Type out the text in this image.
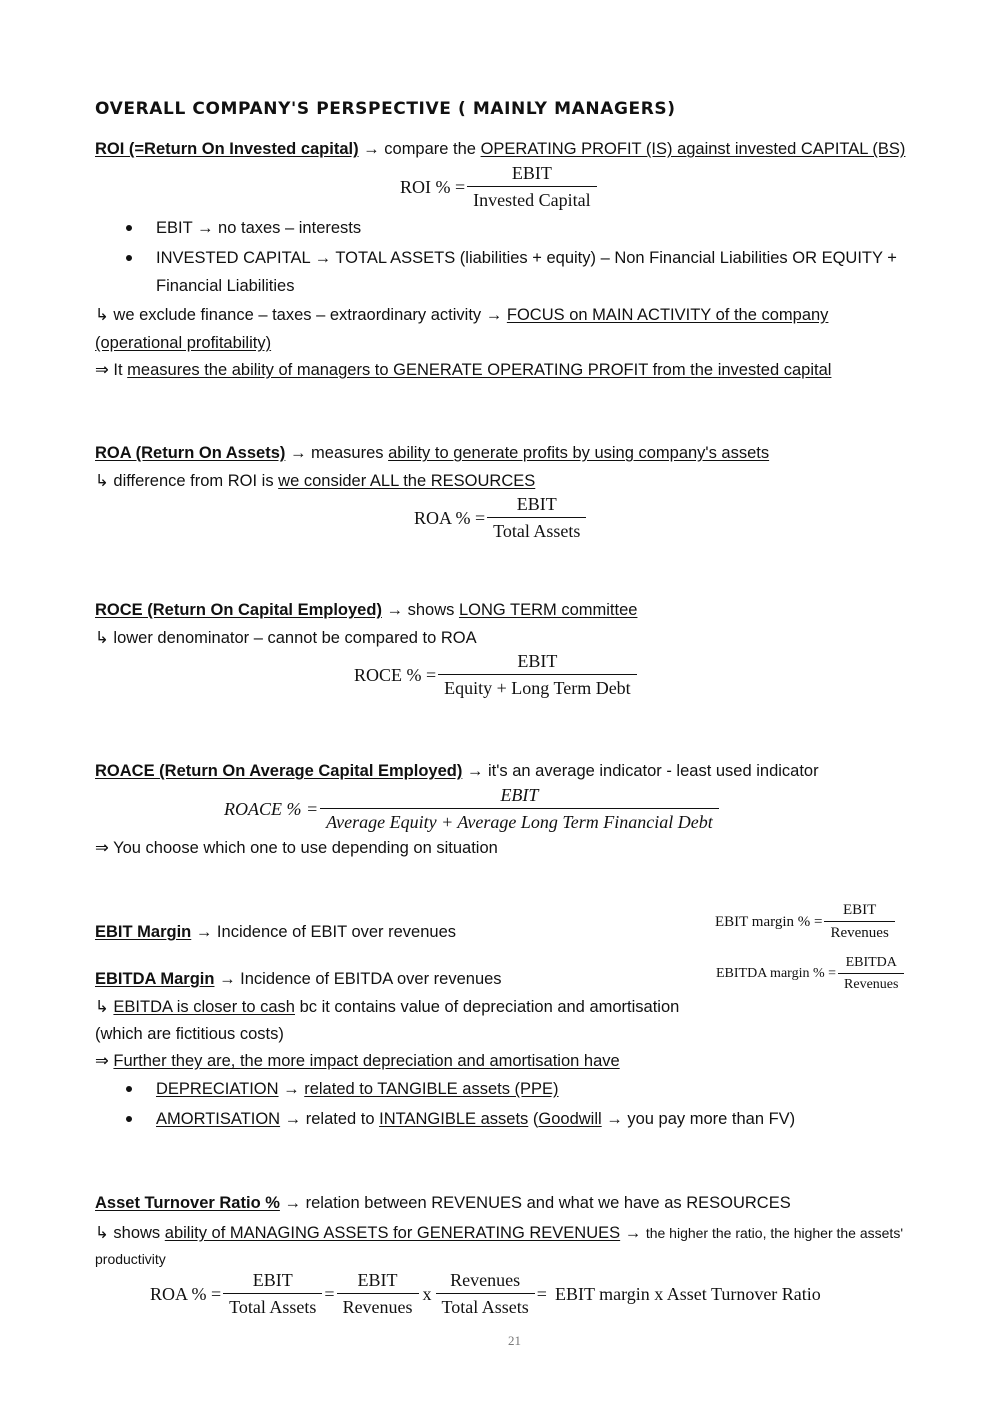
OVERALL COMPANY'S PERSPECTIVE ( MAINLY MANAGERS)
ROI (=Return On Invested capital) → compare the OPERATING PROFIT (IS) against invested CAPITAL (BS)
ROI % = $\frac{\text{EBIT}}{\text{Invested Capital}}$
EBIT → no taxes – interests
INVESTED CAPITAL → TOTAL ASSETS (liabilities + equity) – Non Financial Liabilities OR EQUITY +
Financial Liabilities
↳ we exclude finance – taxes – extraordinary activity → FOCUS on MAIN ACTIVITY of the company
(operational profitability)
⇒ It measures the ability of managers to GENERATE OPERATING PROFIT from the invested capital
ROA (Return On Assets) → measures ability to generate profits by using company's assets
↳ difference from ROI is we consider ALL the RESOURCES
ROA % = $\frac{\text{EBIT}}{\text{Total Assets}}$
ROCE (Return On Capital Employed) → shows LONG TERM committee
↳ lower denominator – cannot be compared to ROA
ROCE % = $\frac{\text{EBIT}}{\text{Equity + Long Term Debt}}$
ROACE (Return On Average Capital Employed) → it's an average indicator - least used indicator
ROACE % = $\frac{\text{EBIT}}{\text{Average Equity + Average Long Term Financial Debt}}$
⇒ You choose which one to use depending on situation
EBIT Margin → Incidence of EBIT over revenues
EBIT margin % = $\frac{\text{EBIT}}{\text{Revenues}}$
EBITDA Margin → Incidence of EBITDA over revenues	EBITDA margin % = $\frac{\text{EBITDA}}{\text{Revenues}}$
↳ EBITDA is closer to cash bc it contains value of depreciation and amortisation
(which are fictitious costs)
⇒ Further they are, the more impact depreciation and amortisation have
DEPRECIATION → related to TANGIBLE assets (PPE)
AMORTISATION → related to INTANGIBLE assets (Goodwill → you pay more than FV)
Asset Turnover Ratio % → relation between REVENUES and what we have as RESOURCES
↳ shows ability of MANAGING ASSETS for GENERATING REVENUES → the higher the ratio, the higher the assets'
productivity
ROA % = $\frac{\text{EBIT}}{\text{Total Assets}} = \frac{\text{EBIT}}{\text{Revenues}}$ x $\frac{\text{Revenues}}{\text{Total Assets}}$ = EBIT margin x Asset Turnover Ratio
21
